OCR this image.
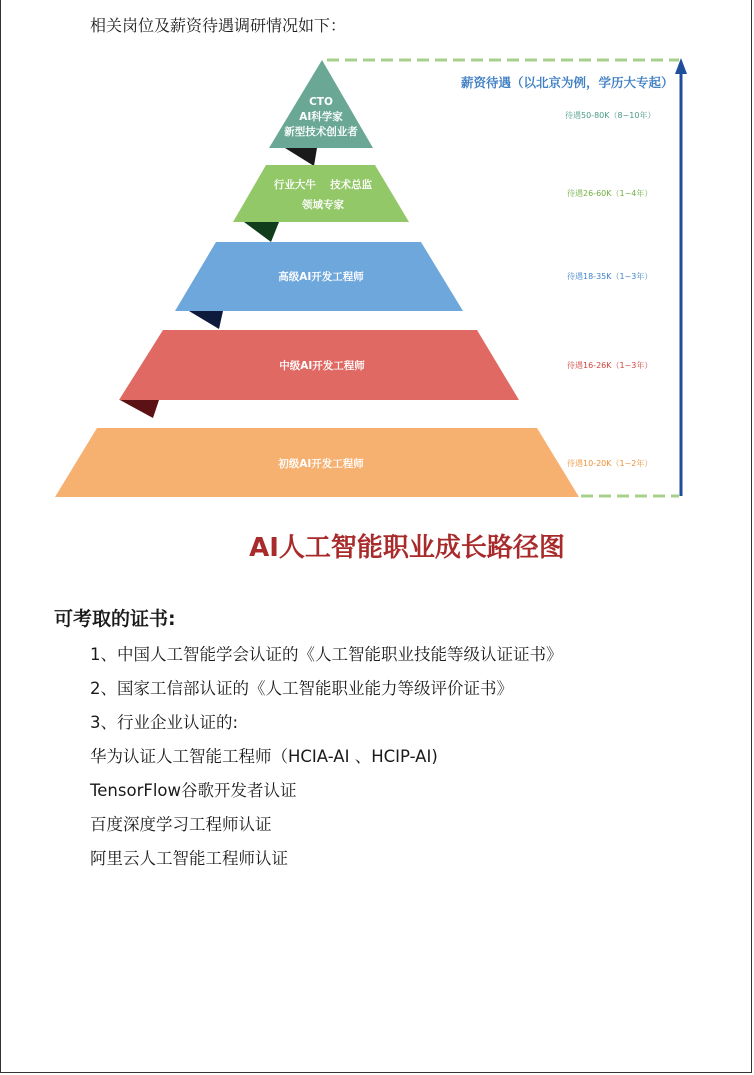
相关岗位及薪资待遇调研情况如下：
薪资待遇（以北京为例，学历大专起）
CTO
AI科学家
新型技术创业者
待遇50-80K（8~10年）
行业大牛　 技术总监
领域专家
待遇26-60K（1~4年）
高级AI开发工程师	待遇18-35K（1~3年）
中级AI开发工程师	待遇16-26K（1~3年）
初级AI开发工程师	待遇10-20K（1~2年）
AI人工智能职业成长路径图
可考取的证书:
1、中国人工智能学会认证的《人工智能职业技能等级认证证书》
2、国家工信部认证的《人工智能职业能力等级评价证书》
3、行业企业认证的:
华为认证人工智能工程师（HCIA-AI 、HCIP-AI)
TensorFlow谷歌开发者认证
百度深度学习工程师认证
阿里云人工智能工程师认证
